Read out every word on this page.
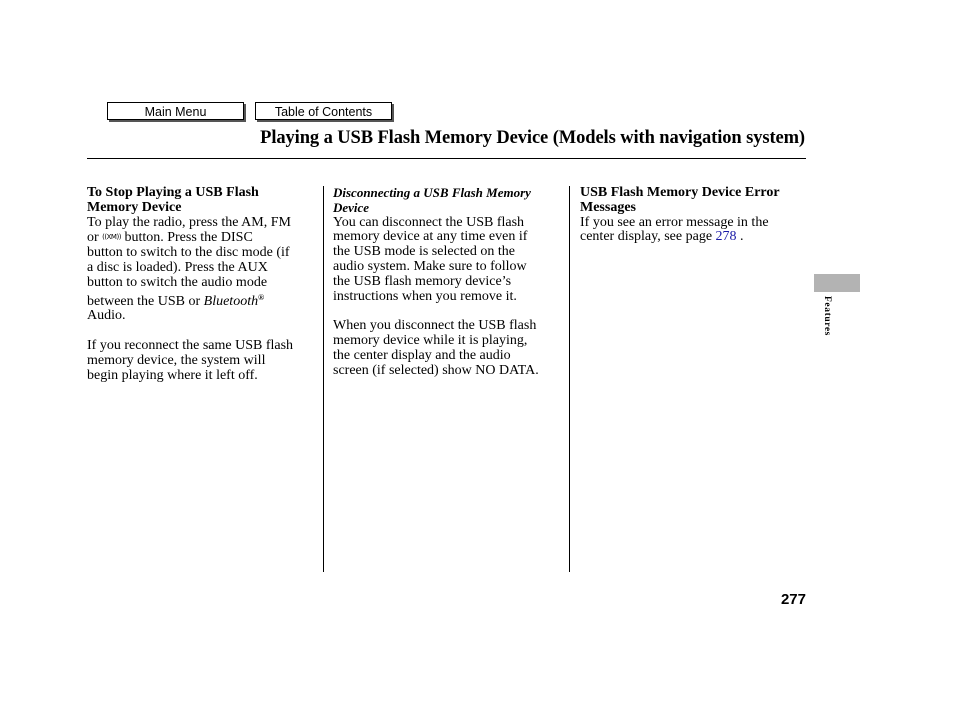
Main Menu	Table of Contents
Playing a USB Flash Memory Device (Models with navigation system)
To Stop Playing a USB Flash
Memory Device

To play the radio, press the AM, FM
or ((XM)) button. Press the DISC
button to switch to the disc mode (if
a disc is loaded). Press the AUX
button to switch the audio mode
between the USB or Bluetooth®
Audio.

If you reconnect the same USB flash
memory device, the system will
begin playing where it left off.

Disconnecting a USB Flash Memory
Device

You can disconnect the USB flash
memory device at any time even if
the USB mode is selected on the
audio system. Make sure to follow
the USB flash memory device’s
instructions when you remove it.

When you disconnect the USB flash
memory device while it is playing,
the center display and the audio
screen (if selected) show NO DATA.

USB Flash Memory Device Error
Messages

If you see an error message in the
center display, see page 278 .

Features
277
